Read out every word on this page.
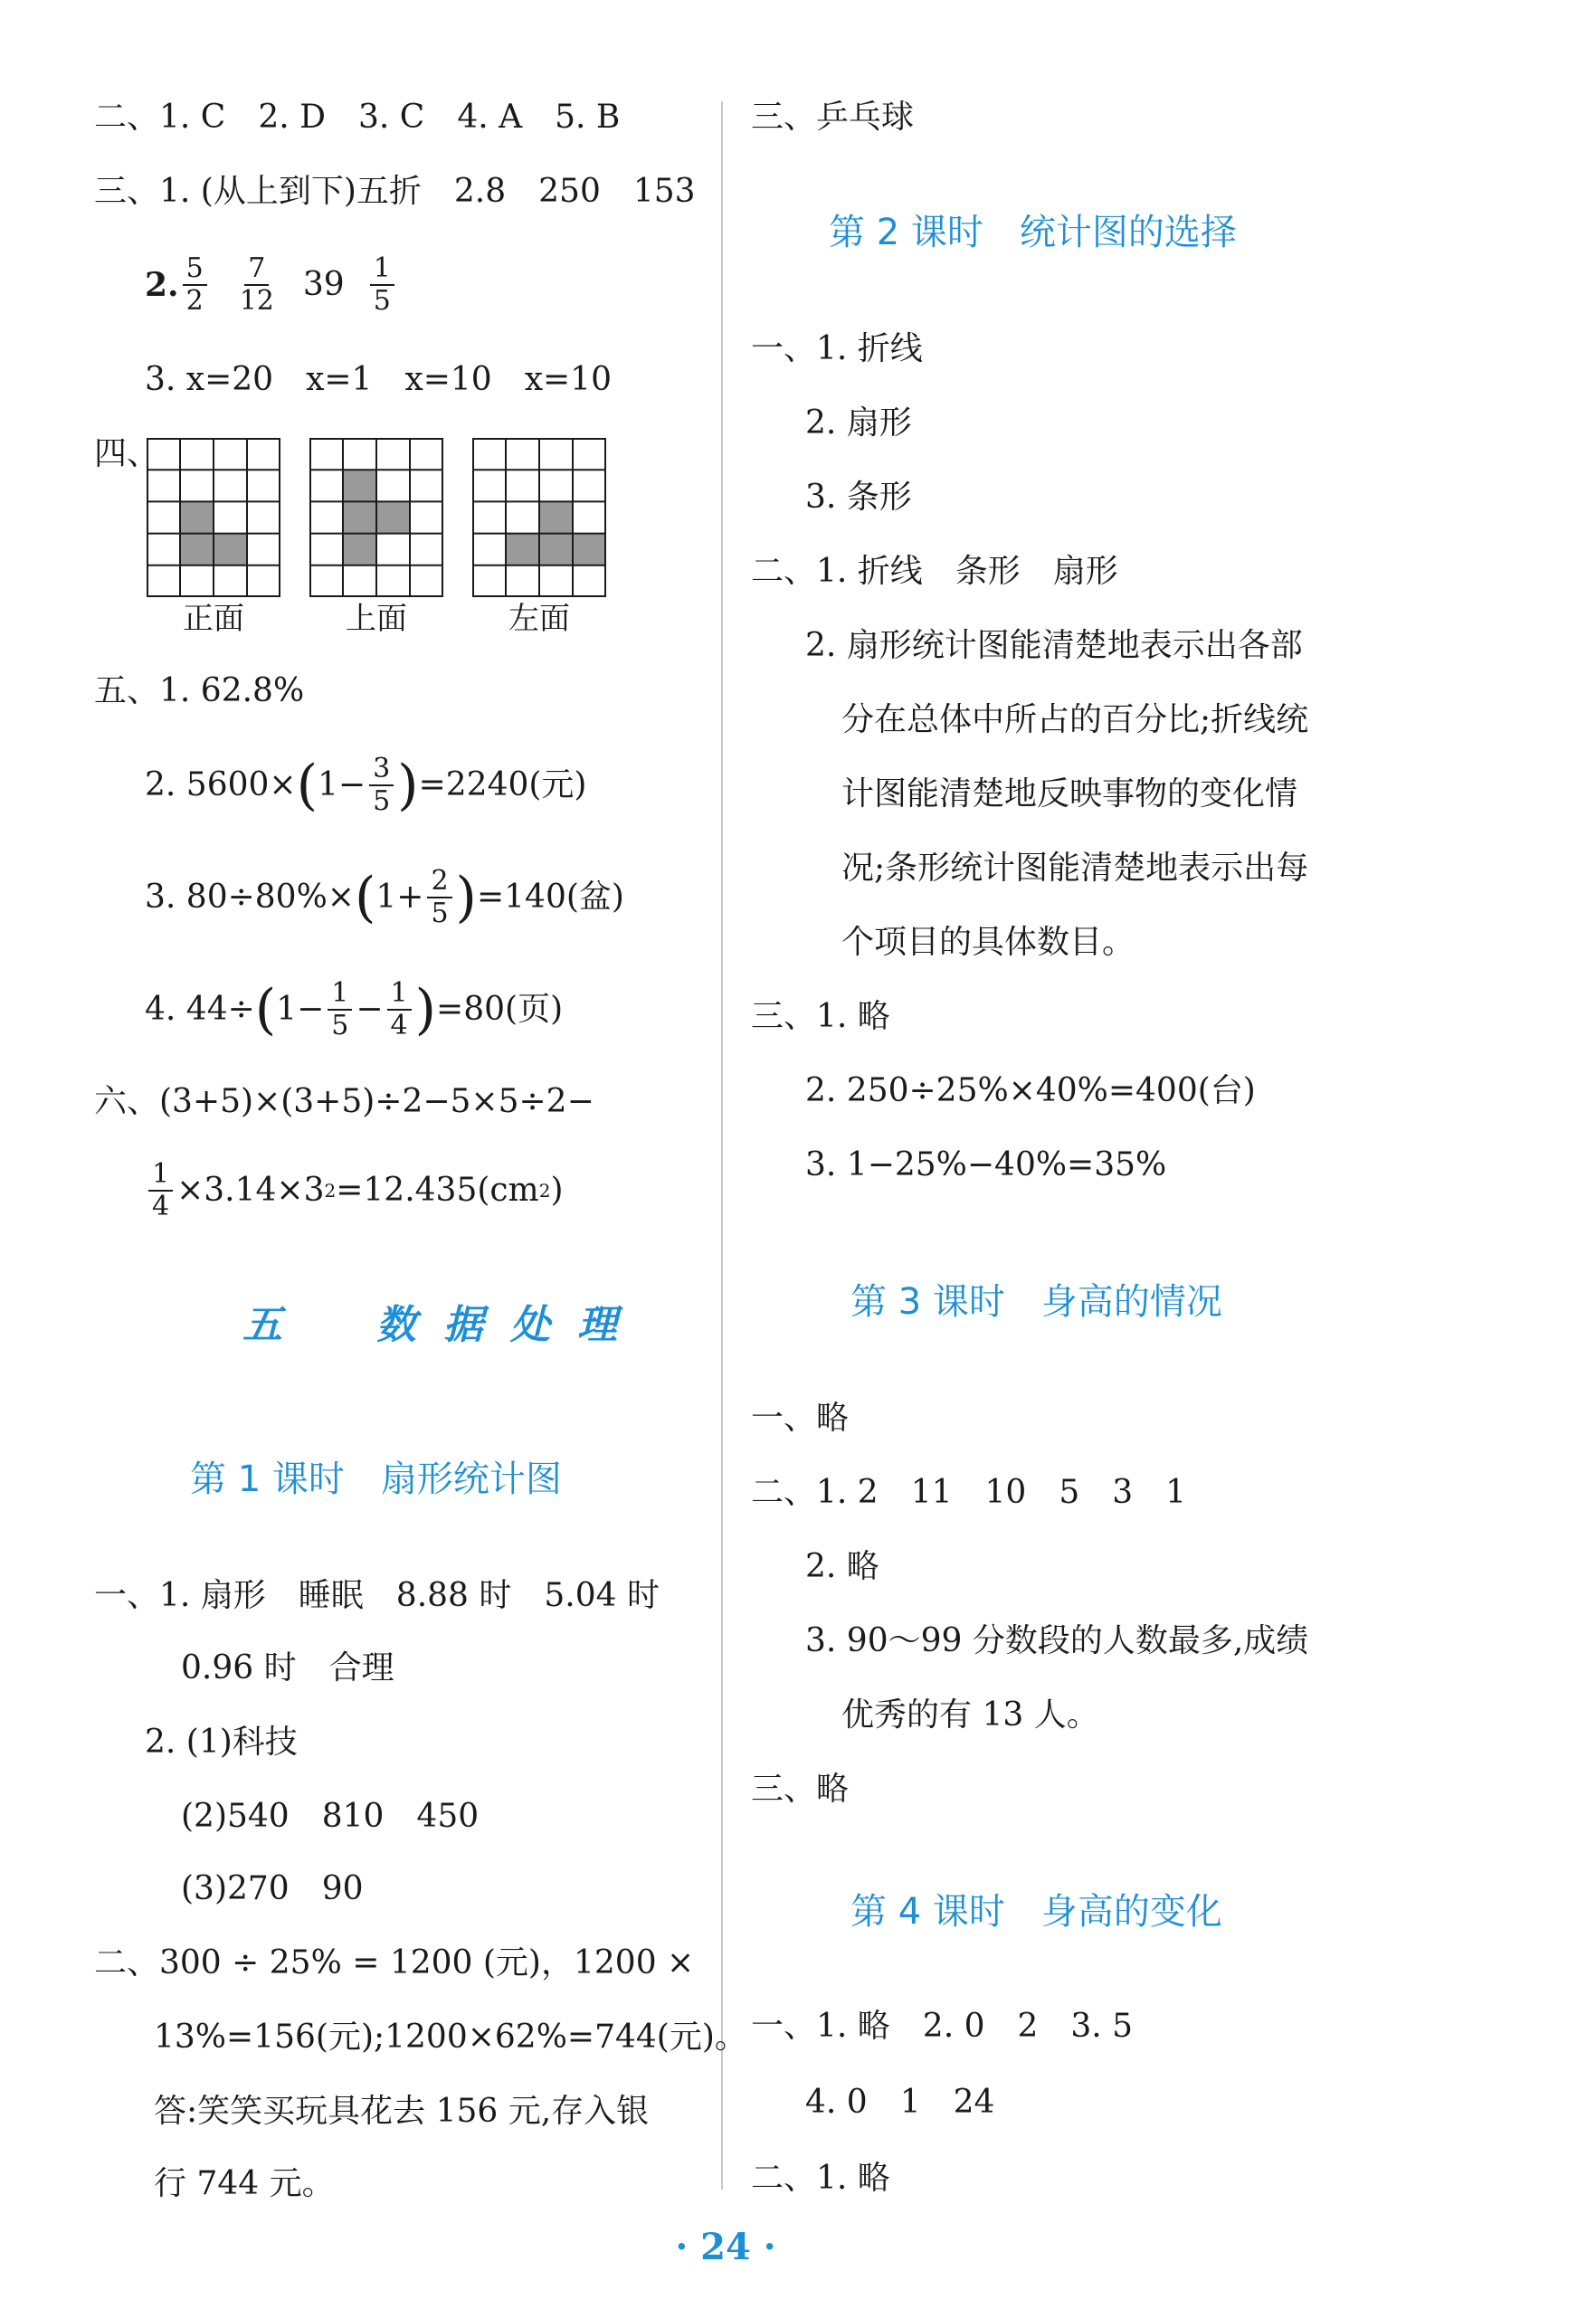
二、1. C　2. D　3. C　4. A　5. B
三、1. (从上到下)五折　2.8　250　153
2. $\frac{5}{2} \frac{7}{12} 39 \frac{1}{5}$
3. x=20　x=1　x=10　x=10
四、
正面	上面	左面
五、1. 62.8%
2. 5600× ( $1- \frac{3}{5}$ ) =2240(元)
3. 80÷80%× ( $1+ \frac{2}{5}$ ) =140(盆)
4. 44÷ ( $1- \frac{1}{5} - \frac{1}{4}$ ) =80(页)
六、(3+5)×(3+5)÷2−5×5÷2−
$\frac{1}{4} \times 3.14\times 3$ 2 =12.435(cm 2 )
五　数据处理
第 1 课时 扇形统计图
一、1. 扇形　睡眠　8.88 时　5.04 时
0.96 时　合理
2. (1)科技
(2)540　810　450
(3)270　90
二、300 ÷ 25% = 1200 (元)，1200 ×
13%=156(元);1200×62%=744(元)。
答:笑笑买玩具花去 156 元,存入银
行 744 元。
三、乒乓球
第 2 课时 统计图的选择
一、1. 折线
2. 扇形
3. 条形
二、1. 折线　条形　扇形
2. 扇形统计图能清楚地表示出各部
分在总体中所占的百分比;折线统
计图能清楚地反映事物的变化情
况;条形统计图能清楚地表示出每
个项目的具体数目。
三、1. 略
2. 250÷25%×40%=400(台)
3. 1−25%−40%=35%
第 3 课时 身高的情况
一、略
二、1. 2　11　10　5　3　1
2. 略
3. 90～99 分数段的人数最多,成绩
优秀的有 13 人。
三、略
第 4 课时 身高的变化
一、1. 略　2. 0　2　3. 5
4. 0　1　24
二、1. 略
· 24 ·
